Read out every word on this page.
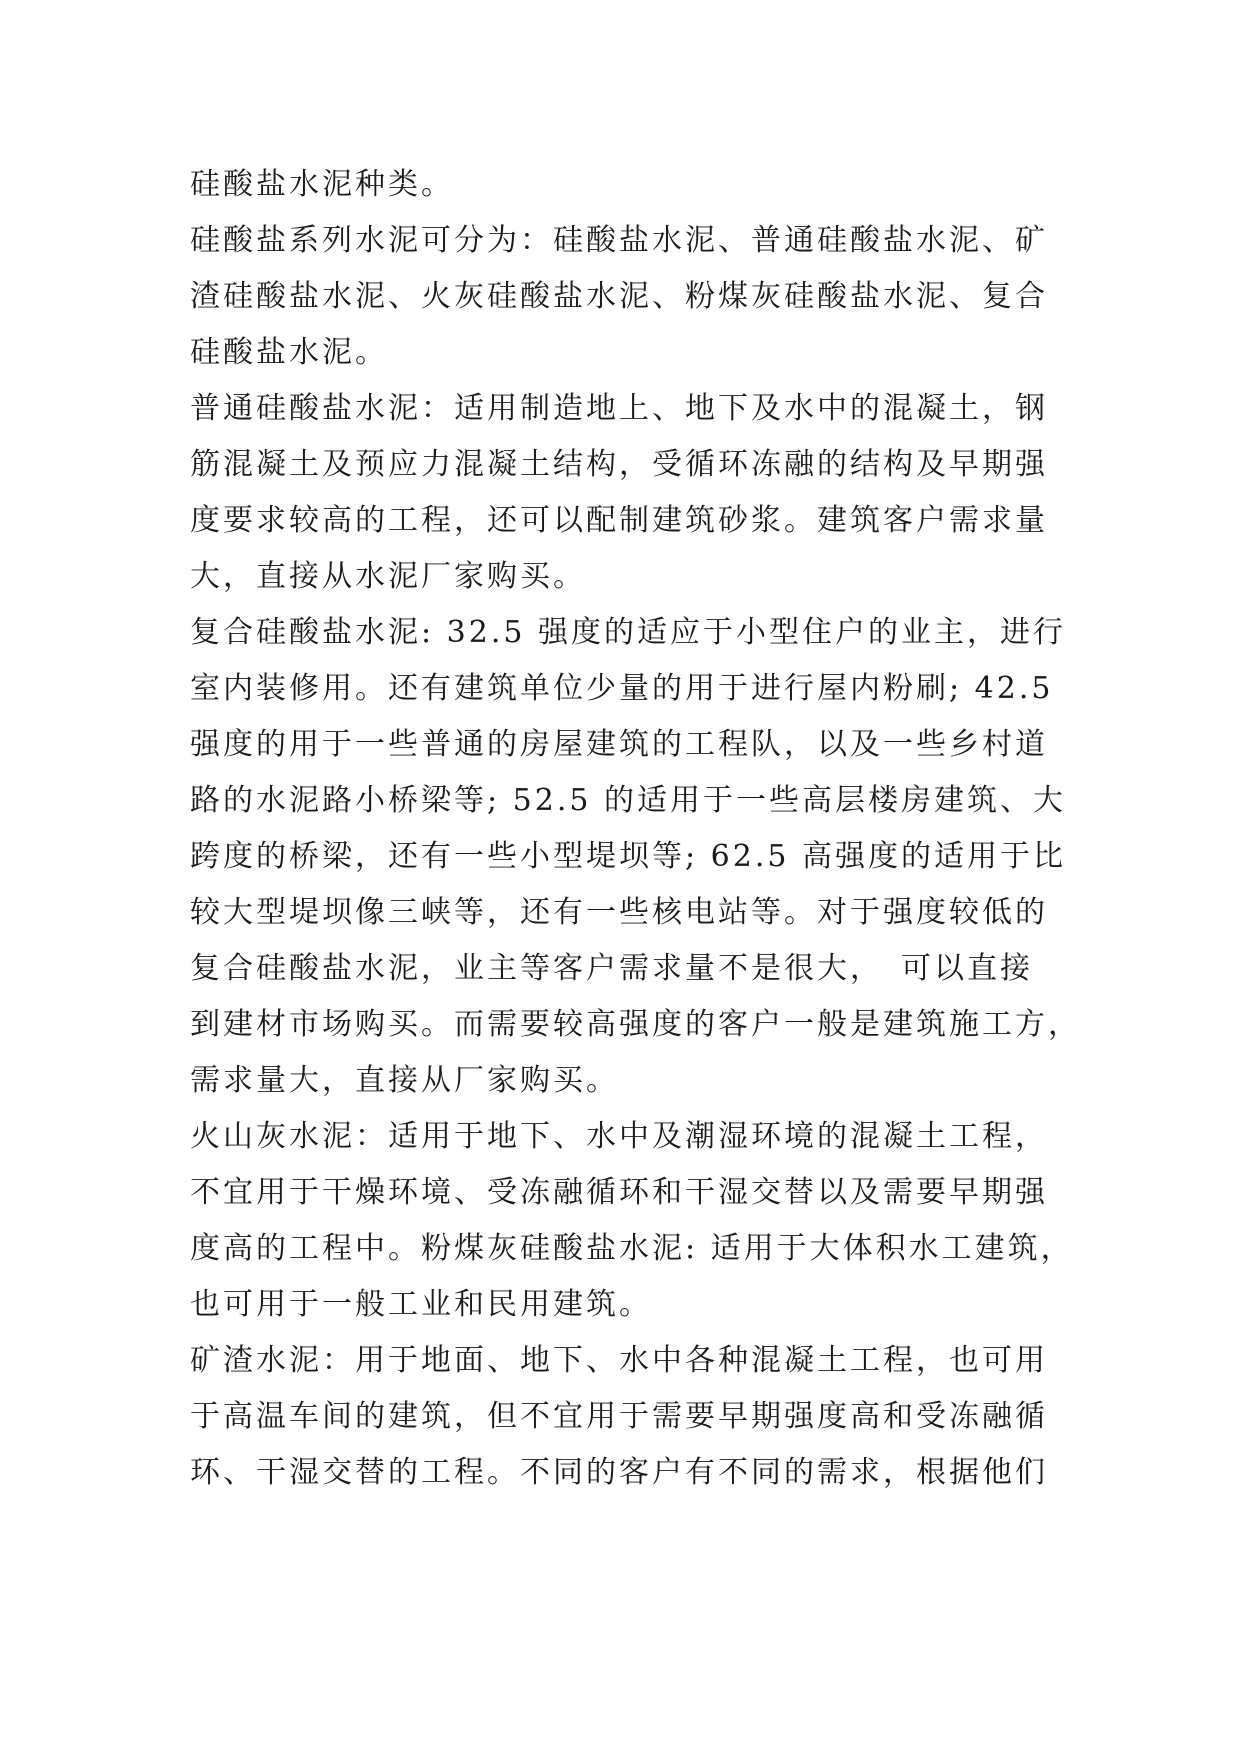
硅酸盐水泥种类。
硅酸盐系列水泥可分为：硅酸盐水泥、普通硅酸盐水泥、矿
渣硅酸盐水泥、火灰硅酸盐水泥、粉煤灰硅酸盐水泥、复合
硅酸盐水泥。
普通硅酸盐水泥：适用制造地上、地下及水中的混凝土，钢
筋混凝土及预应力混凝土结构，受循环冻融的结构及早期强
度要求较高的工程，还可以配制建筑砂浆。建筑客户需求量
大，直接从水泥厂家购买。
复合硅酸盐水泥: 32.5 强度的适应于小型住户的业主，进行
室内装修用。还有建筑单位少量的用于进行屋内粉刷; 42.5
强度的用于一些普通的房屋建筑的工程队，以及一些乡村道
路的水泥路小桥梁等; 52.5 的适用于一些高层楼房建筑、大
跨度的桥梁，还有一些小型堤坝等; 62.5 高强度的适用于比
较大型堤坝像三峡等，还有一些核电站等。对于强度较低的
复合硅酸盐水泥，业主等客户需求量不是很大，　可以直接
到建材市场购买。而需要较高强度的客户一般是建筑施工方，
需求量大，直接从厂家购买。
火山灰水泥：适用于地下、水中及潮湿环境的混凝土工程，
不宜用于干燥环境、受冻融循环和干湿交替以及需要早期强
度高的工程中。粉煤灰硅酸盐水泥: 适用于大体积水工建筑，
也可用于一般工业和民用建筑。
矿渣水泥：用于地面、地下、水中各种混凝土工程，也可用
于高温车间的建筑，但不宜用于需要早期强度高和受冻融循
环、干湿交替的工程。不同的客户有不同的需求，根据他们
